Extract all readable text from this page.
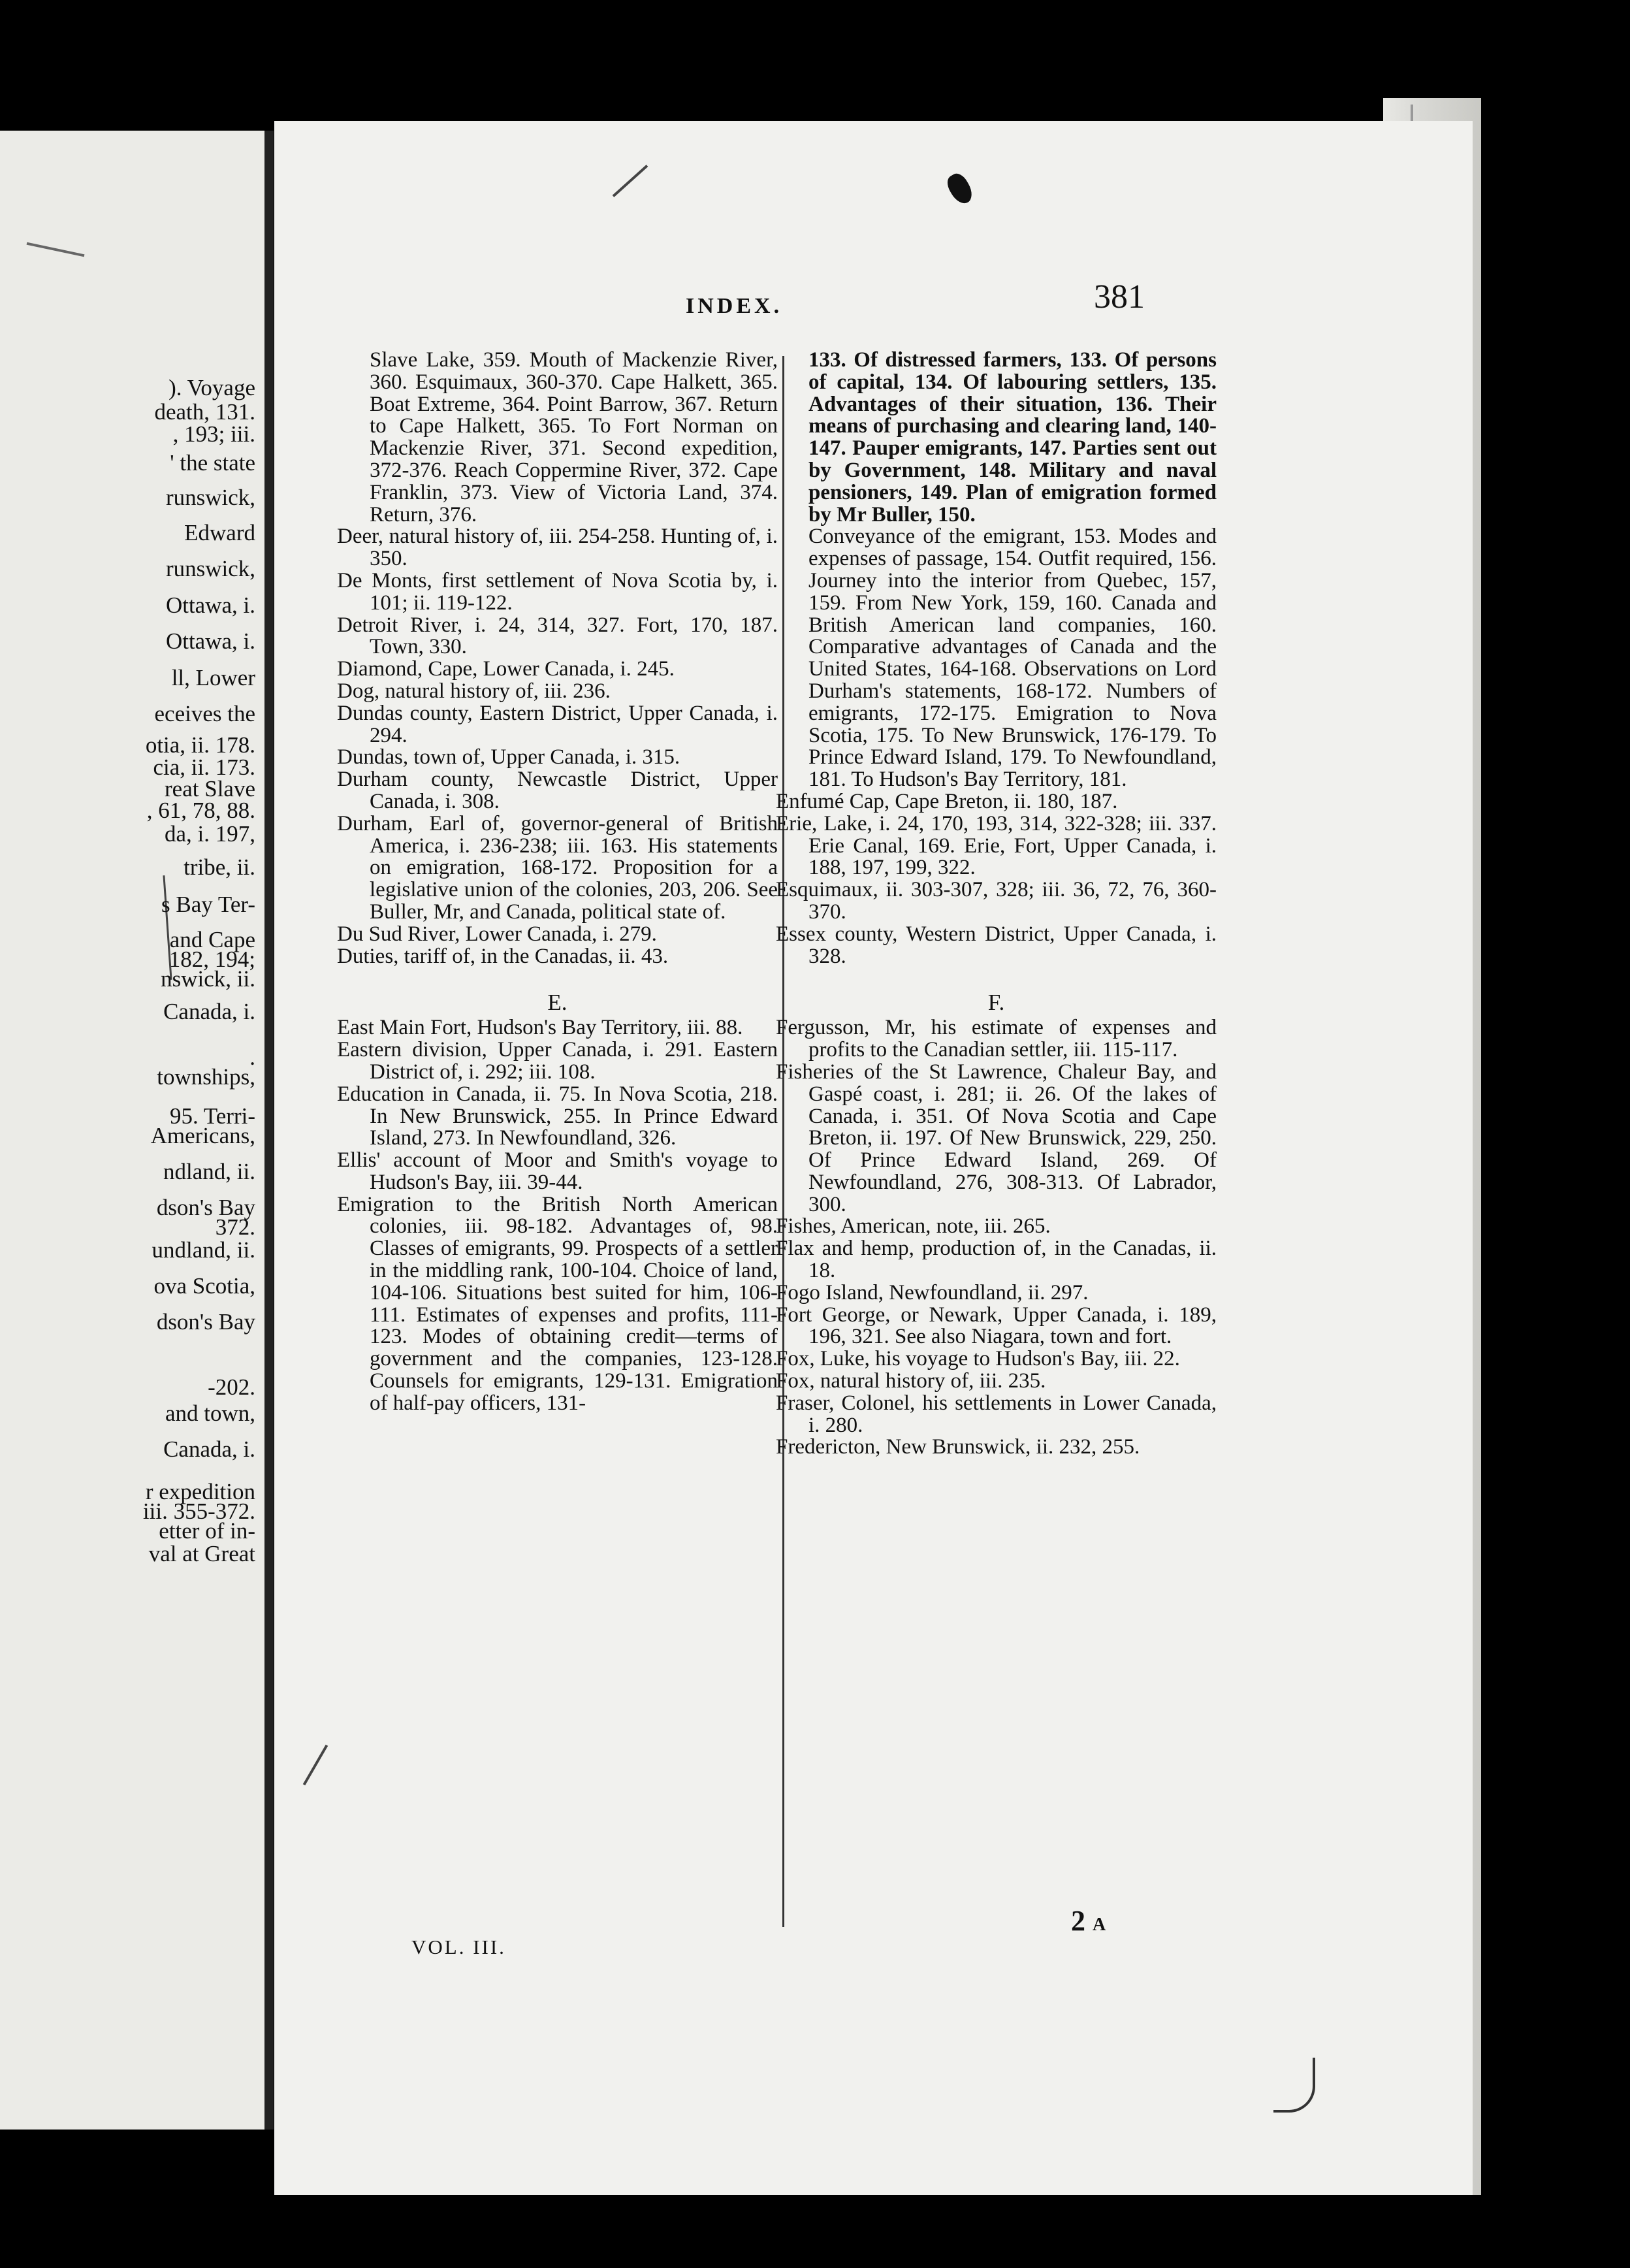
). Voyage
death, 131.
, 193; iii.
' the state
runswick,
Edward
runswick,
Ottawa, i.
Ottawa, i.
ll, Lower
eceives the
otia, ii. 178.
cia, ii. 173.
reat Slave
, 61, 78, 88.
da, i. 197,
tribe, ii.
s Bay Ter-
and Cape
182, 194;
nswick, ii.
Canada, i.
.
townships,
95. Terri-
Americans,
ndland, ii.
dson's Bay
372.
undland, ii.
ova Scotia,
dson's Bay
-202.
and town,
Canada, i.
r expedition
iii. 355-372.
etter of in-
val at Great
INDEX.	381

Slave Lake, 359. Mouth of Mackenzie River, 360. Esquimaux, 360-370. Cape Halkett, 365. Boat Extreme, 364. Point Barrow, 367. Return to Cape Halkett, 365. To Fort Norman on Mackenzie River, 371. Second expedition, 372-376. Reach Coppermine River, 372. Cape Franklin, 373. View of Victoria Land, 374. Return, 376.

Deer, natural history of, iii. 254-258. Hunting of, i. 350.

De Monts, first settlement of Nova Scotia by, i. 101; ii. 119-122.

Detroit River, i. 24, 314, 327. Fort, 170, 187. Town, 330.

Diamond, Cape, Lower Canada, i. 245.

Dog, natural history of, iii. 236.

Dundas county, Eastern District, Upper Canada, i. 294.

Dundas, town of, Upper Canada, i. 315.

Durham county, Newcastle District, Upper Canada, i. 308.

Durham, Earl of, governor-general of British America, i. 236-238; iii. 163. His statements on emigration, 168-172. Proposition for a legislative union of the colonies, 203, 206. See Buller, Mr, and Canada, political state of.

Du Sud River, Lower Canada, i. 279.

Duties, tariff of, in the Canadas, ii. 43.

E.

East Main Fort, Hudson's Bay Territory, iii. 88.

Eastern division, Upper Canada, i. 291. Eastern District of, i. 292; iii. 108.

Education in Canada, ii. 75. In Nova Scotia, 218. In New Brunswick, 255. In Prince Edward Island, 273. In Newfoundland, 326.

Ellis' account of Moor and Smith's voyage to Hudson's Bay, iii. 39-44.

Emigration to the British North American colonies, iii. 98-182. Advantages of, 98. Classes of emigrants, 99. Prospects of a settler in the middling rank, 100-104. Choice of land, 104-106. Situations best suited for him, 106-111. Estimates of expenses and profits, 111-123. Modes of obtaining credit—terms of government and the companies, 123-128. Counsels for emigrants, 129-131. Emigration of half-pay officers, 131-

133. Of distressed farmers, 133. Of persons of capital, 134. Of labouring settlers, 135. Advantages of their situation, 136. Their means of purchasing and clearing land, 140-147. Pauper emigrants, 147. Parties sent out by Government, 148. Military and naval pensioners, 149. Plan of emigration formed by Mr Buller, 150.

Conveyance of the emigrant, 153. Modes and expenses of passage, 154. Outfit required, 156. Journey into the interior from Quebec, 157, 159. From New York, 159, 160. Canada and British American land companies, 160. Comparative advantages of Canada and the United States, 164-168. Observations on Lord Durham's statements, 168-172. Numbers of emigrants, 172-175. Emigration to Nova Scotia, 175. To New Brunswick, 176-179. To Prince Edward Island, 179. To Newfoundland, 181. To Hudson's Bay Territory, 181.

Enfumé Cap, Cape Breton, ii. 180, 187.

Erie, Lake, i. 24, 170, 193, 314, 322-328; iii. 337. Erie Canal, 169. Erie, Fort, Upper Canada, i. 188, 197, 199, 322.

Esquimaux, ii. 303-307, 328; iii. 36, 72, 76, 360-370.

Essex county, Western District, Upper Canada, i. 328.

F.

Fergusson, Mr, his estimate of expenses and profits to the Canadian settler, iii. 115-117.

Fisheries of the St Lawrence, Chaleur Bay, and Gaspé coast, i. 281; ii. 26. Of the lakes of Canada, i. 351. Of Nova Scotia and Cape Breton, ii. 197. Of New Brunswick, 229, 250. Of Prince Edward Island, 269. Of Newfoundland, 276, 308-313. Of Labrador, 300.

Fishes, American, note, iii. 265.

Flax and hemp, production of, in the Canadas, ii. 18.

Fogo Island, Newfoundland, ii. 297.

Fort George, or Newark, Upper Canada, i. 189, 196, 321. See also Niagara, town and fort.

Fox, Luke, his voyage to Hudson's Bay, iii. 22.

Fox, natural history of, iii. 235.

Fraser, Colonel, his settlements in Lower Canada, i. 280.

Fredericton, New Brunswick, ii. 232, 255.

VOL. III.
2 A
